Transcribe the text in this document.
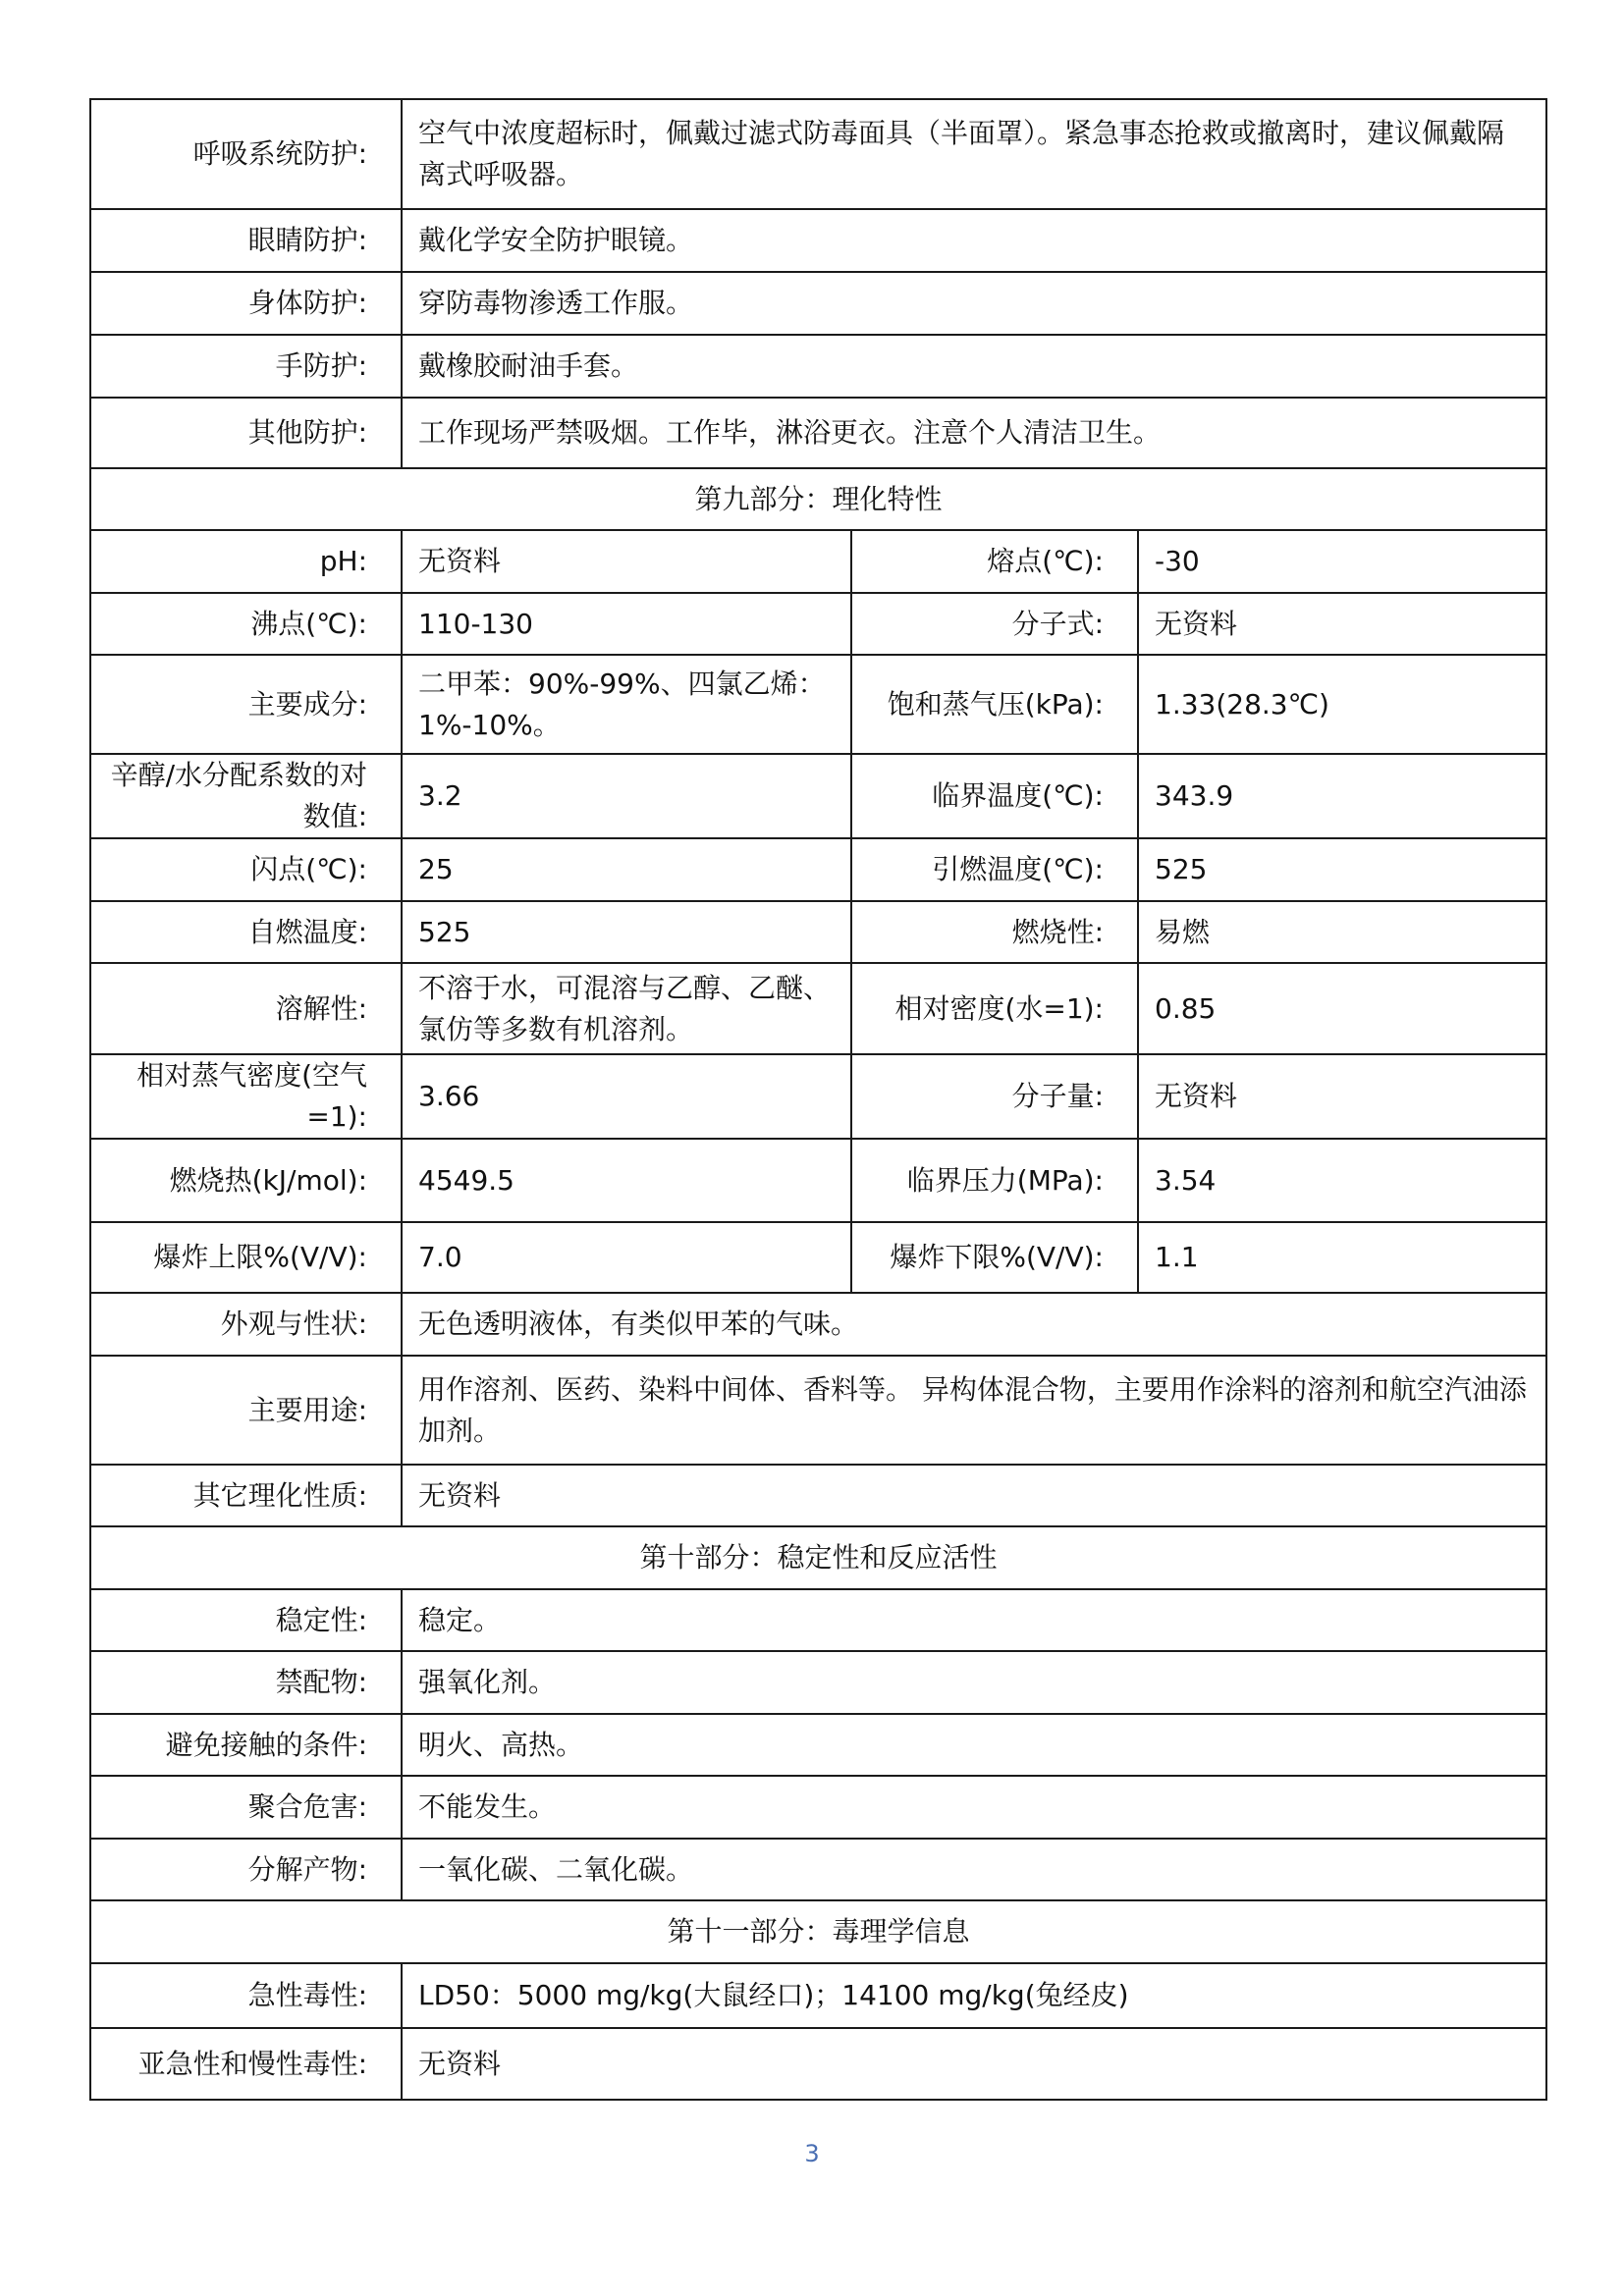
呼吸系统防护:	空气中浓度超标时，佩戴过滤式防毒面具（半面罩）。紧急事态抢救或撤离时，建议佩戴隔离式呼吸器。		
眼睛防护:	戴化学安全防护眼镜。		
身体防护:	穿防毒物渗透工作服。		
手防护:	戴橡胶耐油手套。		
其他防护:	工作现场严禁吸烟。工作毕，淋浴更衣。注意个人清洁卫生。		
第九部分：理化特性			
pH:	无资料	熔点(℃):	-30
沸点(℃):	110-130	分子式:	无资料
主要成分:	二甲苯：90%-99%、四氯乙烯：1%-10%。	饱和蒸气压(kPa):	1.33(28.3℃)
辛醇/水分配系数的对数值:	3.2	临界温度(℃):	343.9
闪点(℃):	25	引燃温度(℃):	525
自燃温度:	525	燃烧性:	易燃
溶解性:	不溶于水，可混溶与乙醇、乙醚、氯仿等多数有机溶剂。	相对密度(水=1):	0.85
相对蒸气密度(空气=1):	3.66	分子量:	无资料
燃烧热(kJ/mol):	4549.5	临界压力(MPa):	3.54
爆炸上限%(V/V):	7.0	爆炸下限%(V/V):	1.1
外观与性状:	无色透明液体，有类似甲苯的气味。		
主要用途:	用作溶剂、医药、染料中间体、香料等。 异构体混合物，主要用作涂料的溶剂和航空汽油添加剂。		
其它理化性质:	无资料		
第十部分：稳定性和反应活性			
稳定性:	稳定。		
禁配物:	强氧化剂。		
避免接触的条件:	明火、高热。		
聚合危害:	不能发生。		
分解产物:	一氧化碳、二氧化碳。		
第十一部分：毒理学信息			
急性毒性:	LD50：5000 mg/kg(大鼠经口)；14100 mg/kg(兔经皮)		
亚急性和慢性毒性:	无资料		
3
